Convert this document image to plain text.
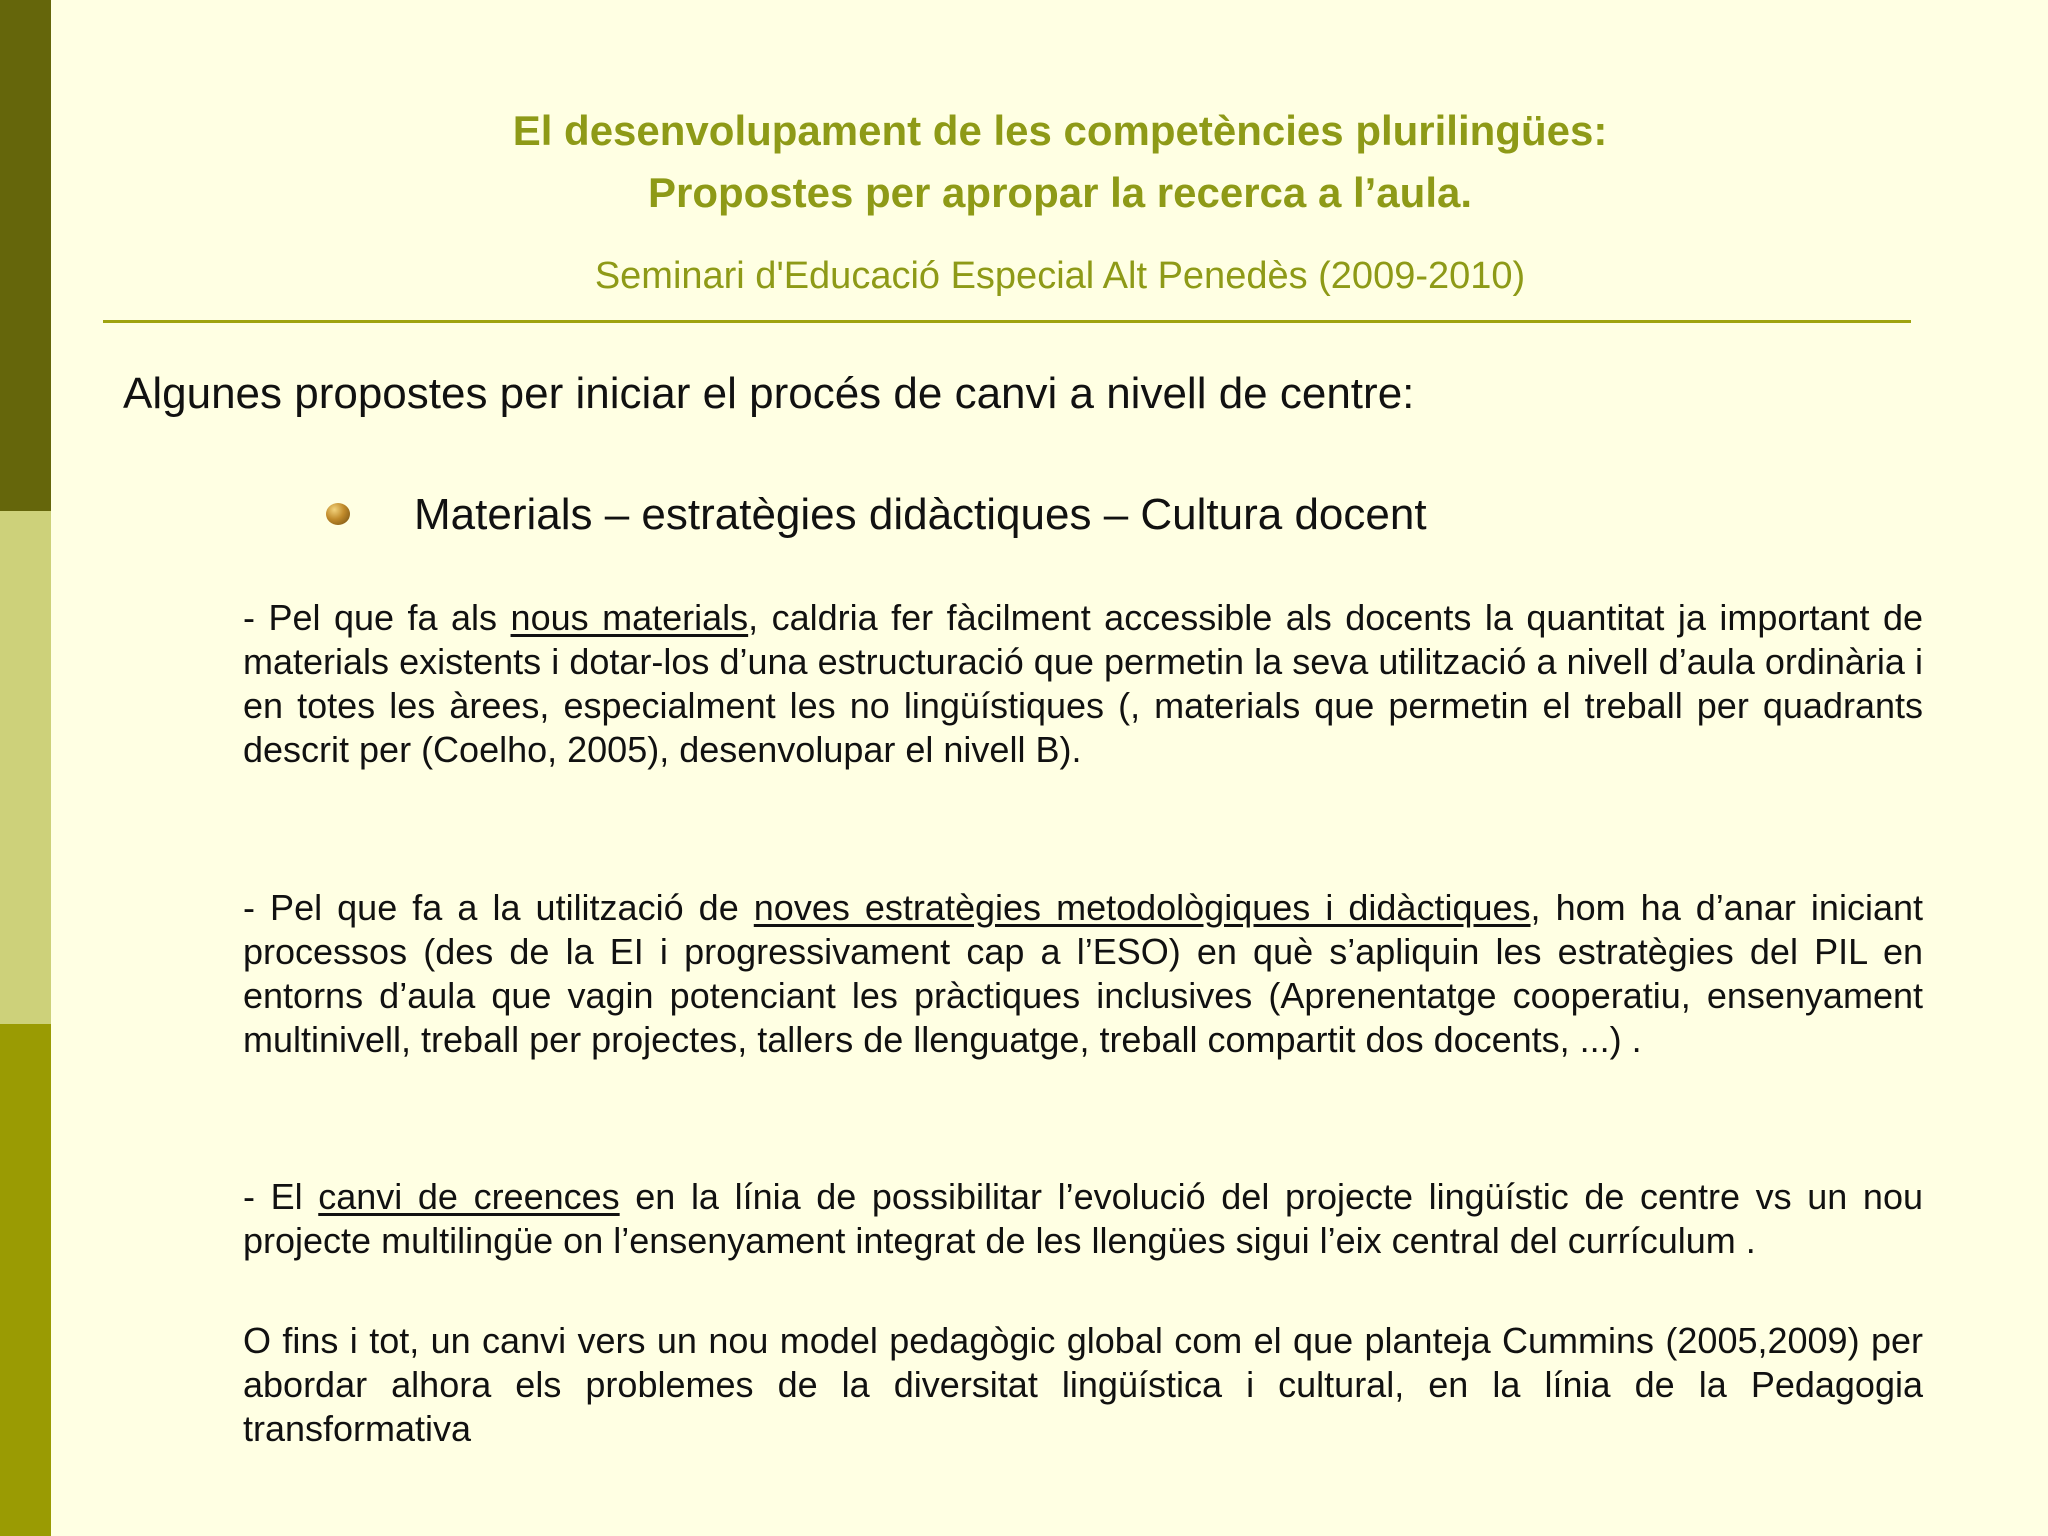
El desenvolupament de les competències plurilingües:
Propostes per apropar la recerca a l’aula.
Seminari d'Educació Especial Alt Penedès (2009-2010)
Algunes propostes per iniciar el procés de canvi a nivell de centre:
Materials – estratègies didàctiques – Cultura docent
- Pel que fa als nous materials, caldria fer fàcilment accessible als docents la quantitat ja important de materials existents i dotar-los d’una estructuració que permetin la seva utilització a nivell d’aula ordinària i en totes les àrees, especialment les no lingüístiques (, materials que permetin el treball per quadrants descrit per (Coelho, 2005), desenvolupar el nivell B).
- Pel que fa a la utilització de noves estratègies metodològiques i didàctiques, hom ha d’anar iniciant processos (des de la EI i progressivament cap a l’ESO) en què s’apliquin les estratègies del PIL en entorns d’aula que vagin potenciant les pràctiques inclusives (Aprenentatge cooperatiu, ensenyament multinivell, treball per projectes, tallers de llenguatge, treball compartit dos docents, ...) .
- El canvi de creences en la línia de possibilitar l’evolució del projecte lingüístic de centre vs un nou projecte multilingüe on l’ensenyament integrat de les llengües sigui l’eix central del currículum .
O fins i tot, un canvi vers un nou model pedagògic global com el que planteja Cummins (2005,2009) per abordar alhora els problemes de la diversitat lingüística i cultural, en la línia de la Pedagogia transformativa
